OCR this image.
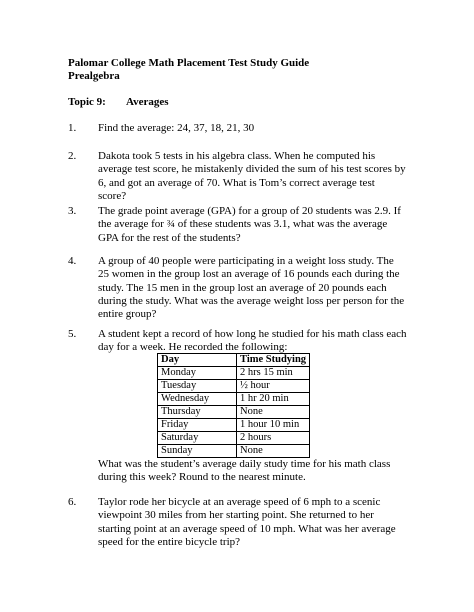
Palomar College Math Placement Test Study Guide
Prealgebra
Topic 9: Averages
1. Find the average: 24, 37, 18, 21, 30
2. Dakota took 5 tests in his algebra class. When he computed his
average test score, he mistakenly divided the sum of his test scores by
6, and got an average of 70. What is Tom’s correct average test
score?
3. The grade point average (GPA) for a group of 20 students was 2.9. If
the average for ¾ of these students was 3.1, what was the average
GPA for the rest of the students?
4. A group of 40 people were participating in a weight loss study. The
25 women in the group lost an average of 16 pounds each during the
study. The 15 men in the group lost an average of 20 pounds each
during the study. What was the average weight loss per person for the
entire group?
5. A student kept a record of how long he studied for his math class each
day for a week. He recorded the following:
Day	Time Studying
Monday	2 hrs 15 min
Tuesday	½ hour
Wednesday	1 hr 20 min
Thursday	None
Friday	1 hour 10 min
Saturday	2 hours
Sunday	None
What was the student’s average daily study time for his math class
during this week? Round to the nearest minute.
6. Taylor rode her bicycle at an average speed of 6 mph to a scenic
viewpoint 30 miles from her starting point. She returned to her
starting point at an average speed of 10 mph. What was her average
speed for the entire bicycle trip?
